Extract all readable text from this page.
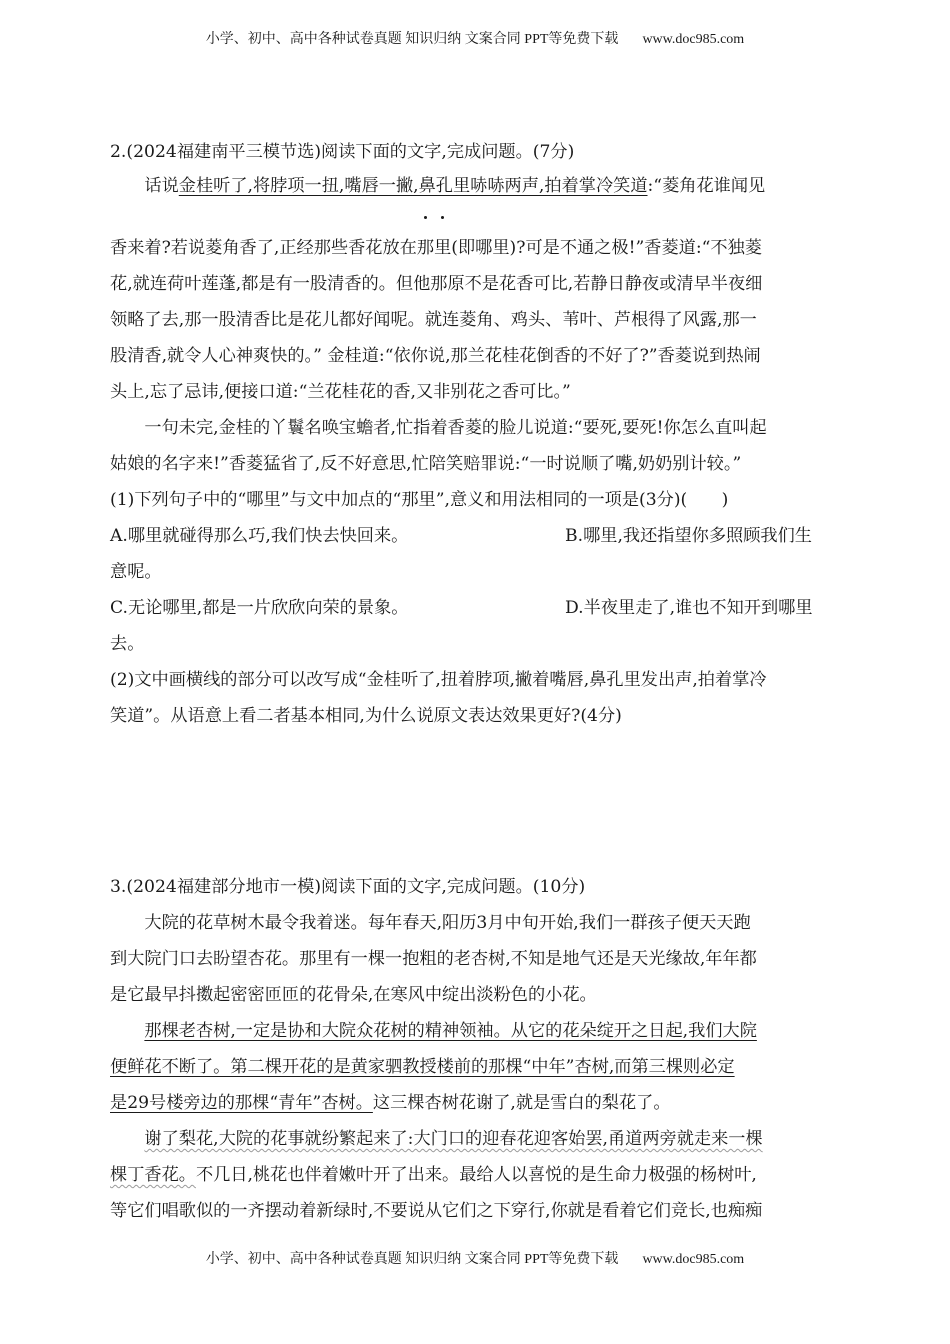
小学、初中、高中各种试卷真题 知识归纳 文案合同 PPT等免费下载 www.doc985.com
2.(2024福建南平三模节选)阅读下面的文字,完成问题。(7分)

话说金桂听了,将脖项一扭,嘴唇一撇,鼻孔里哧哧两声,拍着掌冷笑道:“菱角花谁闻见

香来着?若说菱角香了,正经那些香花放在那里(即哪里)?可是不通之极!”香菱道:“不独菱

花,就连荷叶莲蓬,都是有一股清香的。但他那原不是花香可比,若静日静夜或清早半夜细

领略了去,那一股清香比是花儿都好闻呢。就连菱角、鸡头、苇叶、芦根得了风露,那一

股清香,就令人心神爽快的。” 金桂道:“依你说,那兰花桂花倒香的不好了?”香菱说到热闹

头上,忘了忌讳,便接口道:“兰花桂花的香,又非别花之香可比。”

一句未完,金桂的丫鬟名唤宝蟾者,忙指着香菱的脸儿说道:“要死,要死!你怎么直叫起

姑娘的名字来!”香菱猛省了,反不好意思,忙陪笑赔罪说:“一时说顺了嘴,奶奶别计较。”

(1)下列句子中的“哪里”与文中加点的“那里”,意义和用法相同的一项是(3分)(　　)

A.哪里就碰得那么巧,我们快去快回来。	B.哪里,我还指望你多照顾我们生

意呢。

C.无论哪里,都是一片欣欣向荣的景象。	D.半夜里走了,谁也不知开到哪里

去。

(2)文中画横线的部分可以改写成“金桂听了,扭着脖项,撇着嘴唇,鼻孔里发出声,拍着掌冷

笑道”。从语意上看二者基本相同,为什么说原文表达效果更好?(4分)

3.(2024福建部分地市一模)阅读下面的文字,完成问题。(10分)

大院的花草树木最令我着迷。每年春天,阳历3月中旬开始,我们一群孩子便天天跑

到大院门口去盼望杏花。那里有一棵一抱粗的老杏树,不知是地气还是天光缘故,年年都

是它最早抖擞起密密匝匝的花骨朵,在寒风中绽出淡粉色的小花。

那棵老杏树,一定是协和大院众花树的精神领袖。从它的花朵绽开之日起,我们大院

便鲜花不断了。第二棵开花的是黄家驷教授楼前的那棵“中年”杏树,而第三棵则必定

是29号楼旁边的那棵“青年”杏树。这三棵杏树花谢了,就是雪白的梨花了。

谢了梨花,大院的花事就纷繁起来了:大门口的迎春花迎客始罢,甬道两旁就走来一棵

棵丁香花。不几日,桃花也伴着嫩叶开了出来。最给人以喜悦的是生命力极强的杨树叶,

等它们唱歌似的一齐摆动着新绿时,不要说从它们之下穿行,你就是看着它们竞长,也痴痴

小学、初中、高中各种试卷真题 知识归纳 文案合同 PPT等免费下载 www.doc985.com
